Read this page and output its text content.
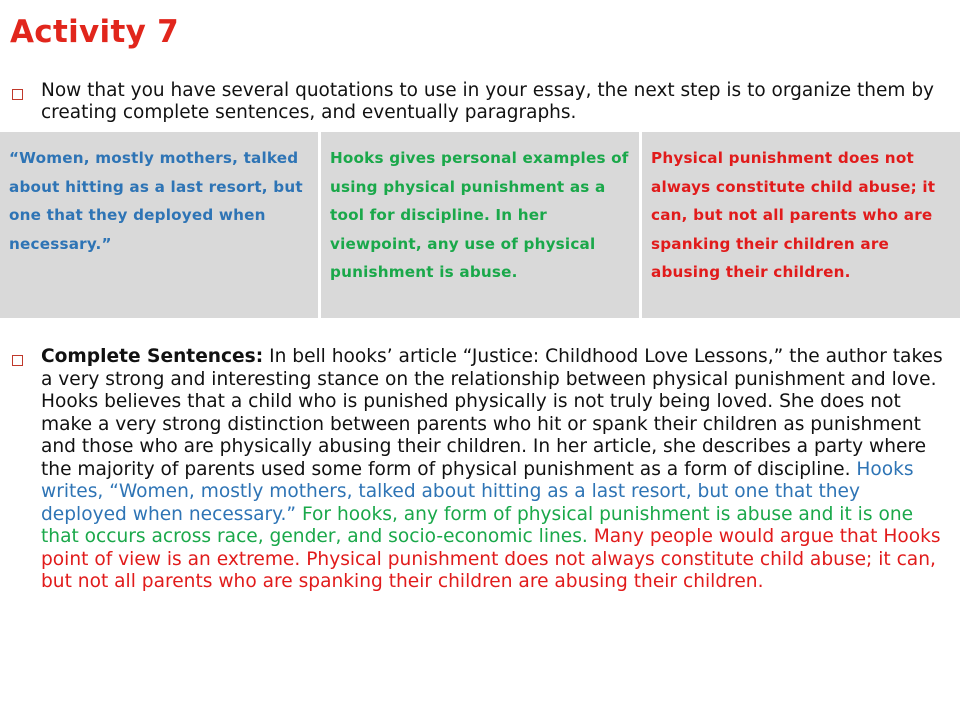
Activity 7
Now that you have several quotations to use in your essay, the next step is to organize them by creating complete sentences, and eventually paragraphs.
“Women, mostly mothers, talked about hitting as a last resort, but one that they deployed when necessary.”
Hooks gives personal examples of using physical punishment as a tool for discipline. In her viewpoint, any use of physical punishment is abuse.
Physical punishment does not always constitute child abuse; it can, but not all parents who are spanking their children are abusing their children.
Complete Sentences: In bell hooks’ article “Justice: Childhood Love Lessons,” the author takes a very strong and interesting stance on the relationship between physical punishment and love. Hooks believes that a child who is punished physically is not truly being loved. She does not make a very strong distinction between parents who hit or spank their children as punishment and those who are physically abusing their children. In her article, she describes a party where the majority of parents used some form of physical punishment as a form of discipline. Hooks writes, “Women, mostly mothers, talked about hitting as a last resort, but one that they deployed when necessary.” For hooks, any form of physical punishment is abuse and it is one that occurs across race, gender, and socio-economic lines. Many people would argue that Hooks point of view is an extreme. Physical punishment does not always constitute child abuse; it can, but not all parents who are spanking their children are abusing their children.
